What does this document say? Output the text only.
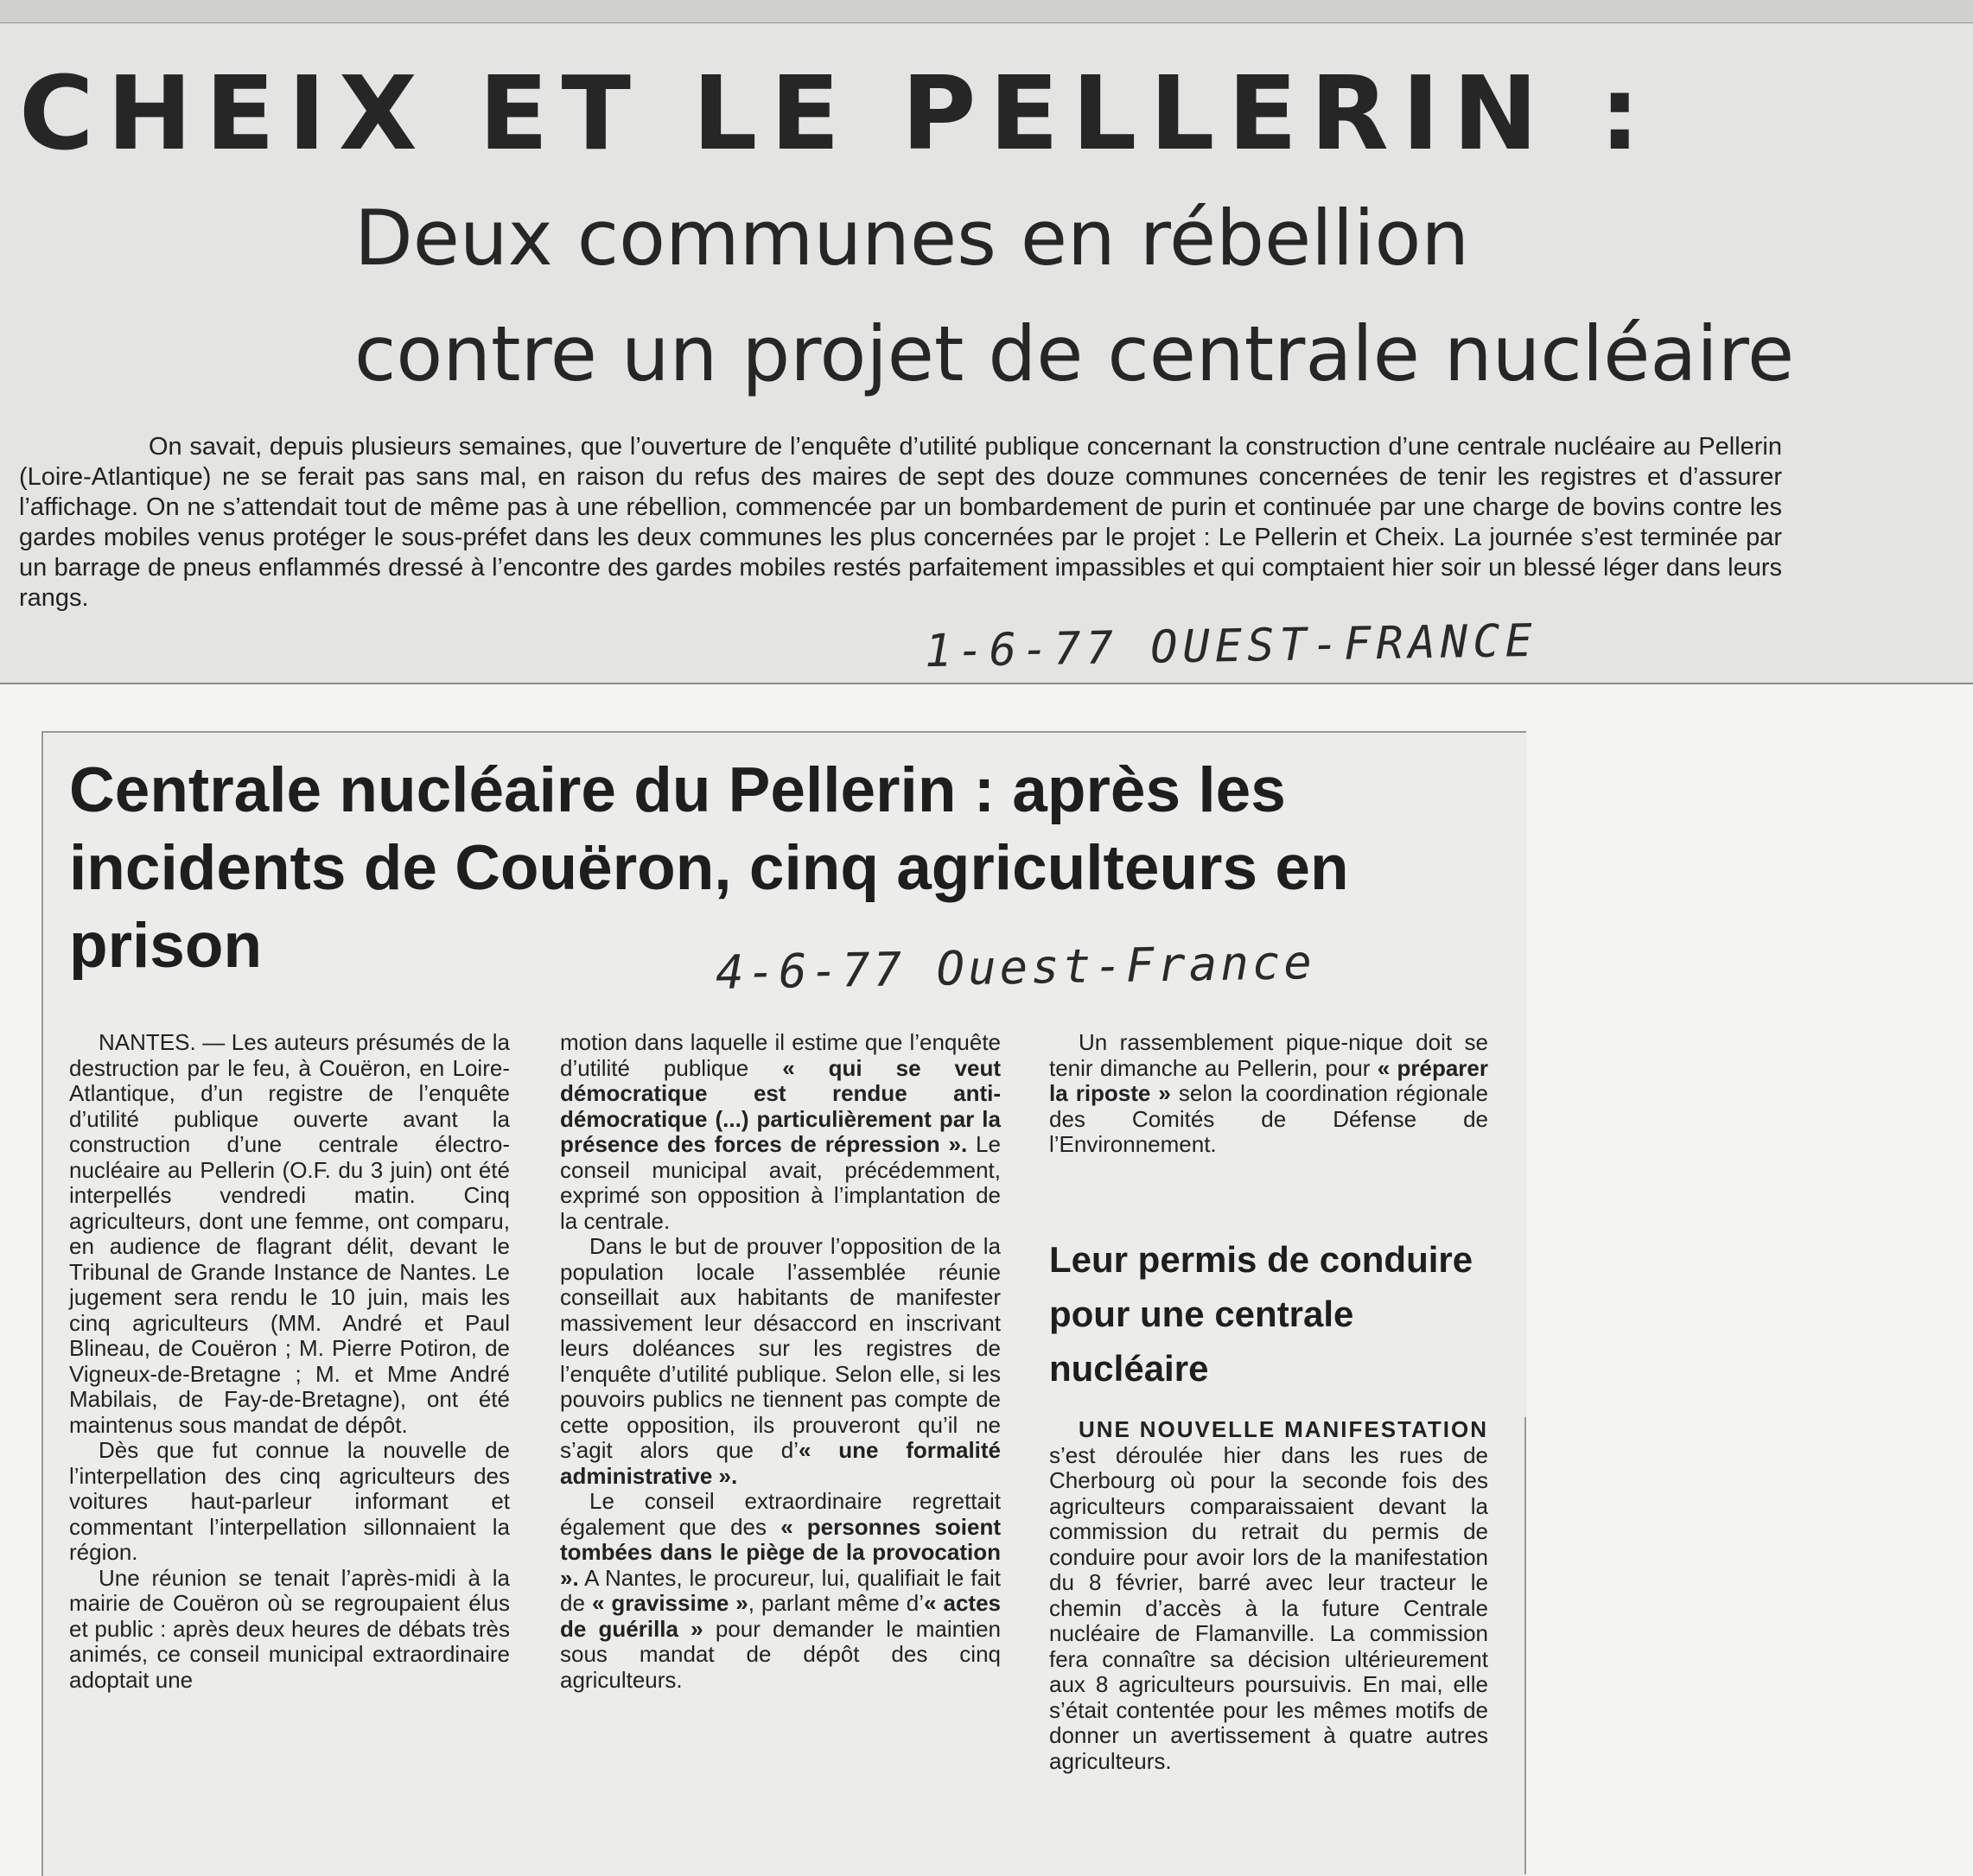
CHEIX ET LE PELLERIN :
Deux communes en rébellion
contre un projet de centrale nucléaire

On savait, depuis plusieurs semaines, que l’ouverture de l’enquête d’utilité publique concernant la construction d’une centrale nucléaire au Pellerin (Loire-Atlantique) ne se ferait pas sans mal, en raison du refus des maires de sept des douze communes concernées de tenir les registres et d’assurer l’affichage. On ne s’attendait tout de même pas à une rébellion, commencée par un bombardement de purin et continuée par une charge de bovins contre les gardes mobiles venus protéger le sous-préfet dans les deux communes les plus concernées par le projet : Le Pellerin et Cheix. La journée s’est terminée par un barrage de pneus enflammés dressé à l’encontre des gardes mobiles restés parfaitement impassibles et qui comptaient hier soir un blessé léger dans leurs rangs.

1-6-77 OUEST-FRANCE
Centrale nucléaire du Pellerin : après les incidents de Couëron, cinq agriculteurs en prison	4-6-77 Ouest-France

NANTES. — Les auteurs présumés de la destruction par le feu, à Couëron, en Loire-Atlantique, d’un registre de l’enquête d’utilité publique ouverte avant la construction d’une centrale électro-nucléaire au Pellerin (O.F. du 3 juin) ont été interpellés vendredi matin. Cinq agriculteurs, dont une femme, ont comparu, en audience de flagrant délit, devant le Tribunal de Grande Instance de Nantes. Le jugement sera rendu le 10 juin, mais les cinq agriculteurs (MM. André et Paul Blineau, de Couëron ; M. Pierre Potiron, de Vigneux-de-Bretagne ; M. et Mme André Mabilais, de Fay-de-Bretagne), ont été maintenus sous mandat de dépôt.

Dès que fut connue la nouvelle de l’interpellation des cinq agriculteurs des voitures haut-parleur informant et commentant l’interpellation sillonnaient la région.

Une réunion se tenait l’après-midi à la mairie de Couëron où se regroupaient élus et public : après deux heures de débats très animés, ce conseil municipal extraordinaire adoptait une

motion dans laquelle il estime que l’enquête d’utilité publique « qui se veut démocratique est rendue anti-démocratique (...) particulièrement par la présence des forces de répression ». Le conseil municipal avait, précédemment, exprimé son opposition à l’implantation de la centrale.

Dans le but de prouver l’opposition de la population locale l’assemblée réunie conseillait aux habitants de manifester massivement leur désaccord en inscrivant leurs doléances sur les registres de l’enquête d’utilité publique. Selon elle, si les pouvoirs publics ne tiennent pas compte de cette opposition, ils prouveront qu’il ne s’agit alors que d’« une formalité administrative ».

Le conseil extraordinaire regrettait également que des « personnes soient tombées dans le piège de la provocation ». A Nantes, le procureur, lui, qualifiait le fait de « gravissime », parlant même d’« actes de guérilla » pour demander le maintien sous mandat de dépôt des cinq agriculteurs.

Un rassemblement pique-nique doit se tenir dimanche au Pellerin, pour « préparer la riposte » selon la coordination régionale des Comités de Défense de l’Environnement.

Leur permis de conduire pour une centrale nucléaire

UNE NOUVELLE MANIFESTATION s’est déroulée hier dans les rues de Cherbourg où pour la seconde fois des agriculteurs comparaissaient devant la commission du retrait du permis de conduire pour avoir lors de la manifestation du 8 février, barré avec leur tracteur le chemin d’accès à la future Centrale nucléaire de Flamanville. La commission fera connaître sa décision ultérieurement aux 8 agriculteurs poursuivis. En mai, elle s’était contentée pour les mêmes motifs de donner un avertissement à quatre autres agriculteurs.
